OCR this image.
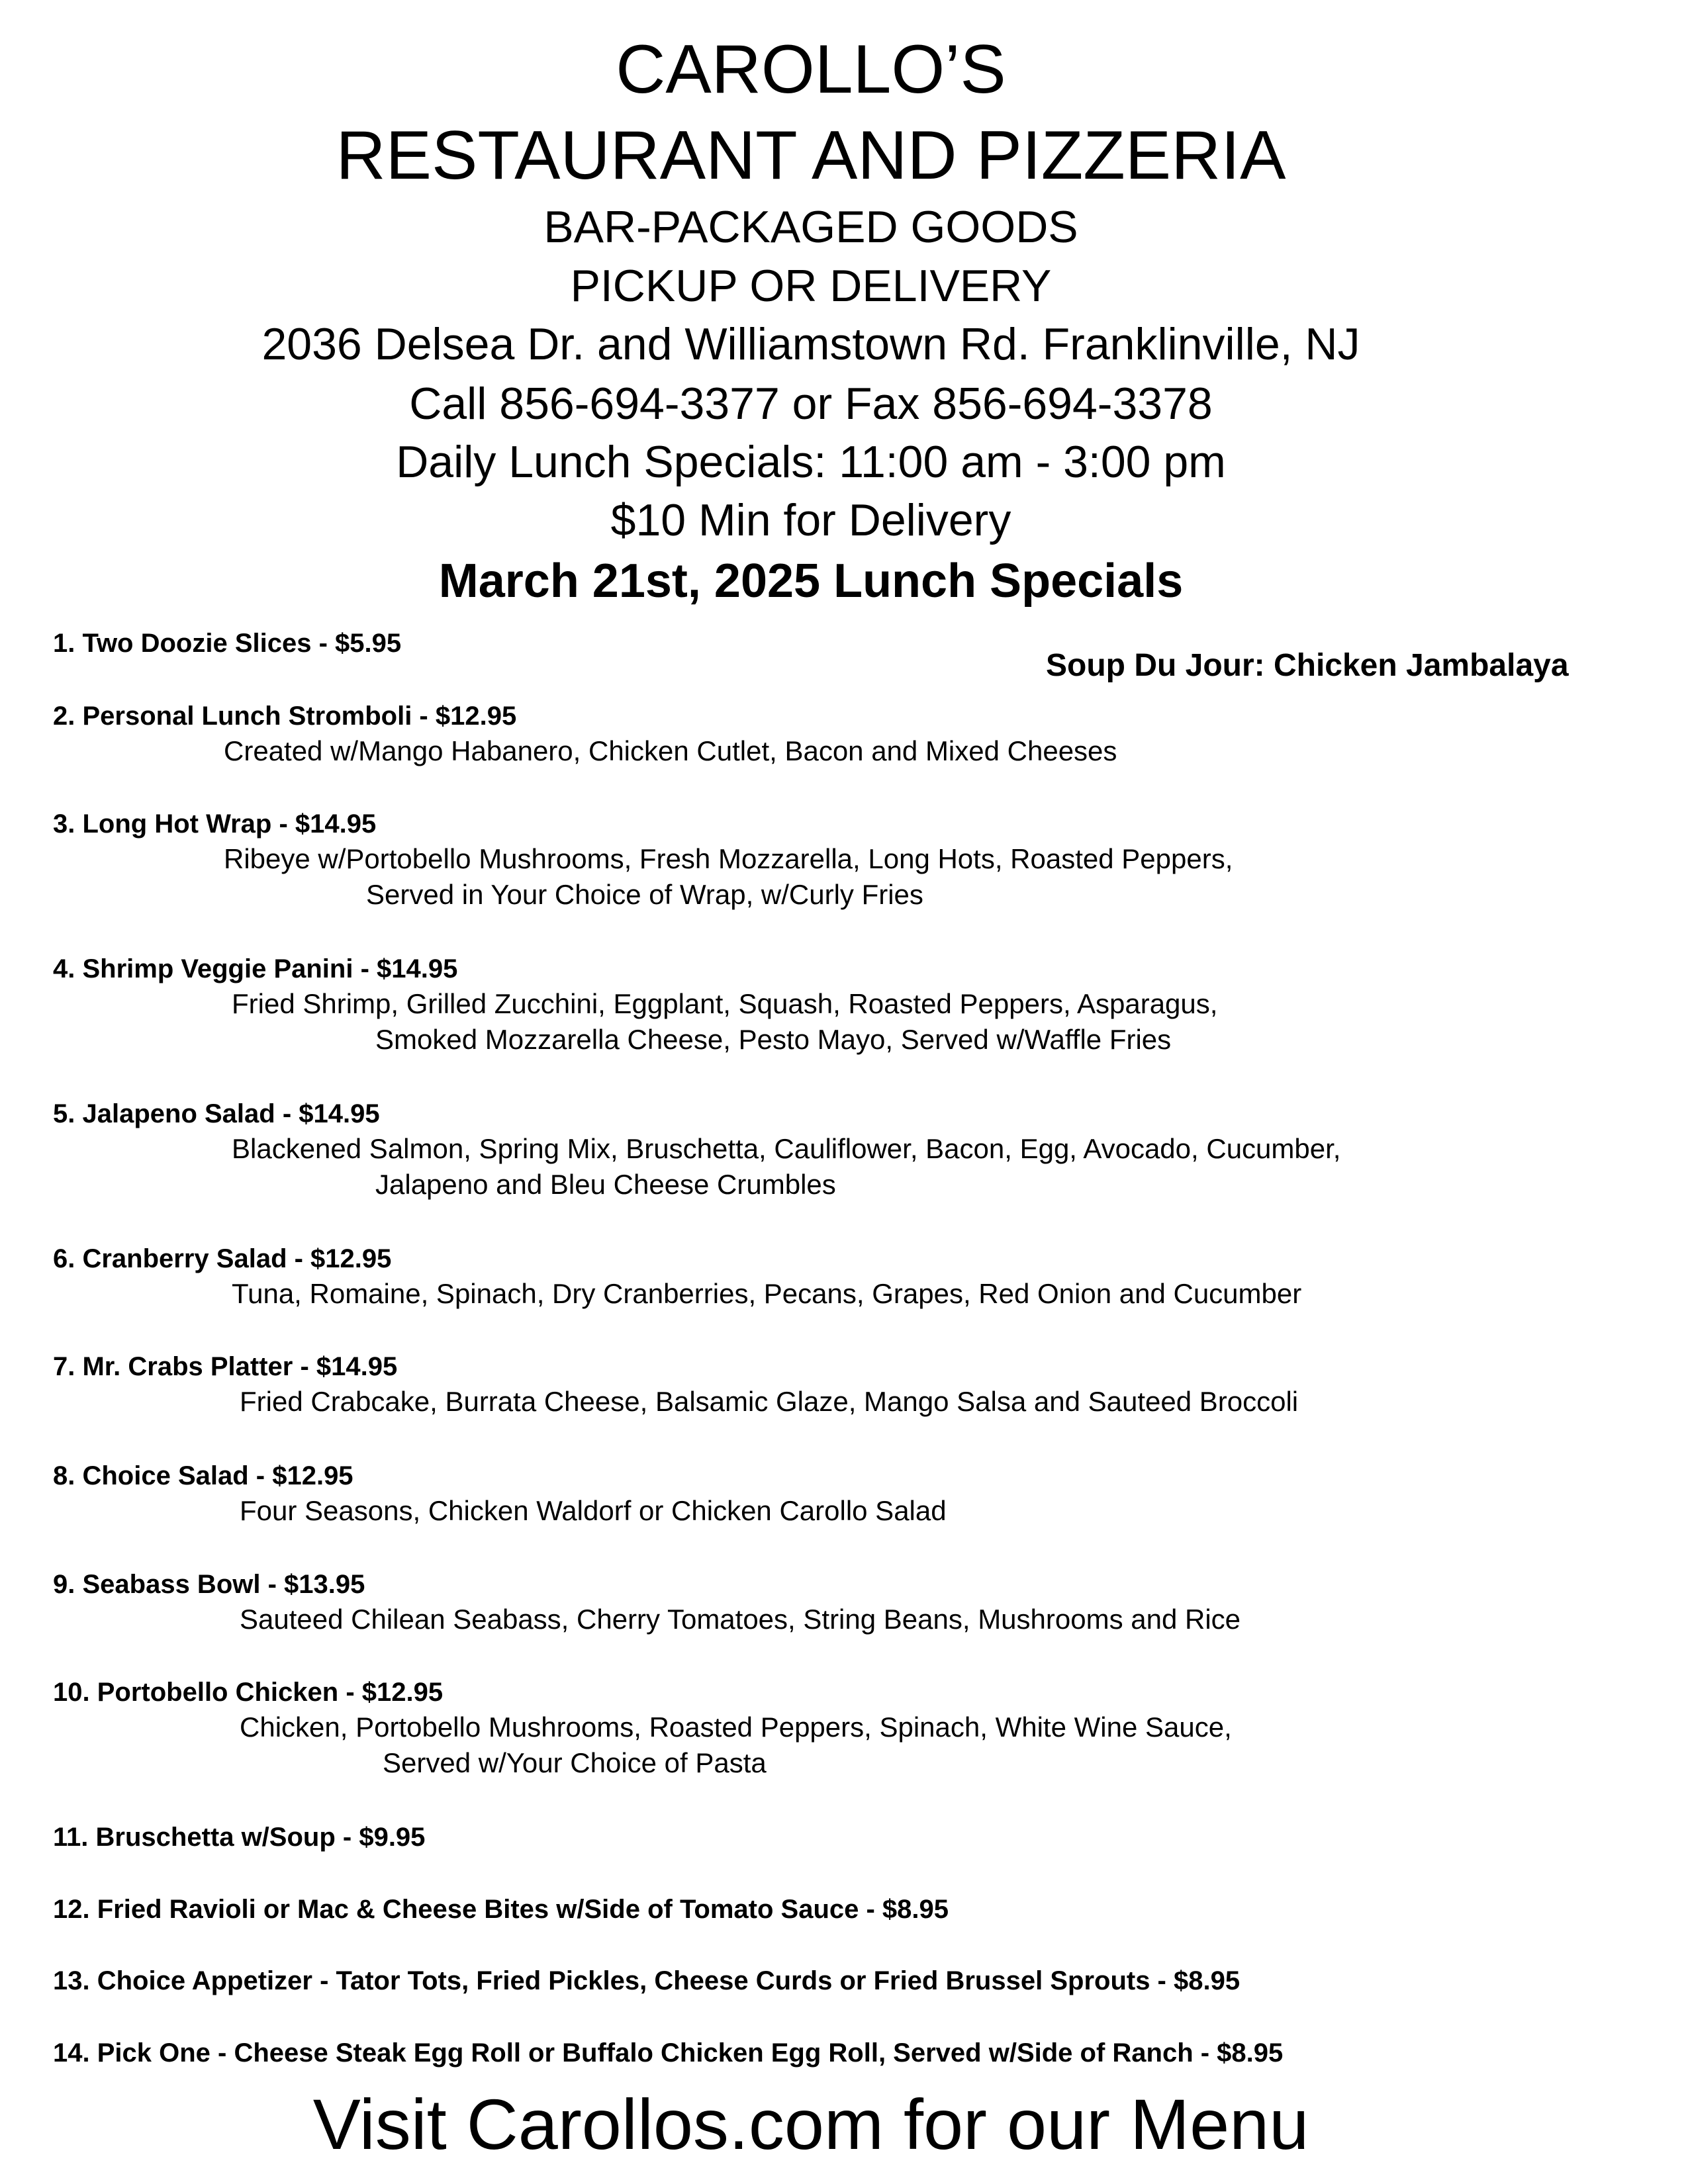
CAROLLO’S
RESTAURANT AND PIZZERIA
BAR-PACKAGED GOODS
PICKUP OR DELIVERY
2036 Delsea Dr. and Williamstown Rd. Franklinville, NJ
Call 856-694-3377 or Fax 856-694-3378
Daily Lunch Specials: 11:00 am - 3:00 pm
$10 Min for Delivery
March 21st, 2025 Lunch Specials
Soup Du Jour: Chicken Jambalaya
1. Two Doozie Slices - $5.95
2. Personal Lunch Stromboli - $12.95
Created w/Mango Habanero, Chicken Cutlet, Bacon and Mixed Cheeses
3. Long Hot Wrap - $14.95
Ribeye w/Portobello Mushrooms, Fresh Mozzarella, Long Hots, Roasted Peppers,
Served in Your Choice of Wrap, w/Curly Fries
4. Shrimp Veggie Panini - $14.95
Fried Shrimp, Grilled Zucchini, Eggplant, Squash, Roasted Peppers, Asparagus,
Smoked Mozzarella Cheese, Pesto Mayo, Served w/Waffle Fries
5. Jalapeno Salad - $14.95
Blackened Salmon, Spring Mix, Bruschetta, Cauliflower, Bacon, Egg, Avocado, Cucumber,
Jalapeno and Bleu Cheese Crumbles
6. Cranberry Salad - $12.95
Tuna, Romaine, Spinach, Dry Cranberries, Pecans, Grapes, Red Onion and Cucumber
7. Mr. Crabs Platter - $14.95
Fried Crabcake, Burrata Cheese, Balsamic Glaze, Mango Salsa and Sauteed Broccoli
8. Choice Salad - $12.95
Four Seasons, Chicken Waldorf or Chicken Carollo Salad
9. Seabass Bowl - $13.95
Sauteed Chilean Seabass, Cherry Tomatoes, String Beans, Mushrooms and Rice
10. Portobello Chicken - $12.95
Chicken, Portobello Mushrooms, Roasted Peppers, Spinach, White Wine Sauce,
Served w/Your Choice of Pasta
11. Bruschetta w/Soup - $9.95
12. Fried Ravioli or Mac & Cheese Bites w/Side of Tomato Sauce - $8.95
13. Choice Appetizer - Tator Tots, Fried Pickles, Cheese Curds or Fried Brussel Sprouts - $8.95
14. Pick One - Cheese Steak Egg Roll or Buffalo Chicken Egg Roll, Served w/Side of Ranch - $8.95
Visit Carollos.com for our Menu
